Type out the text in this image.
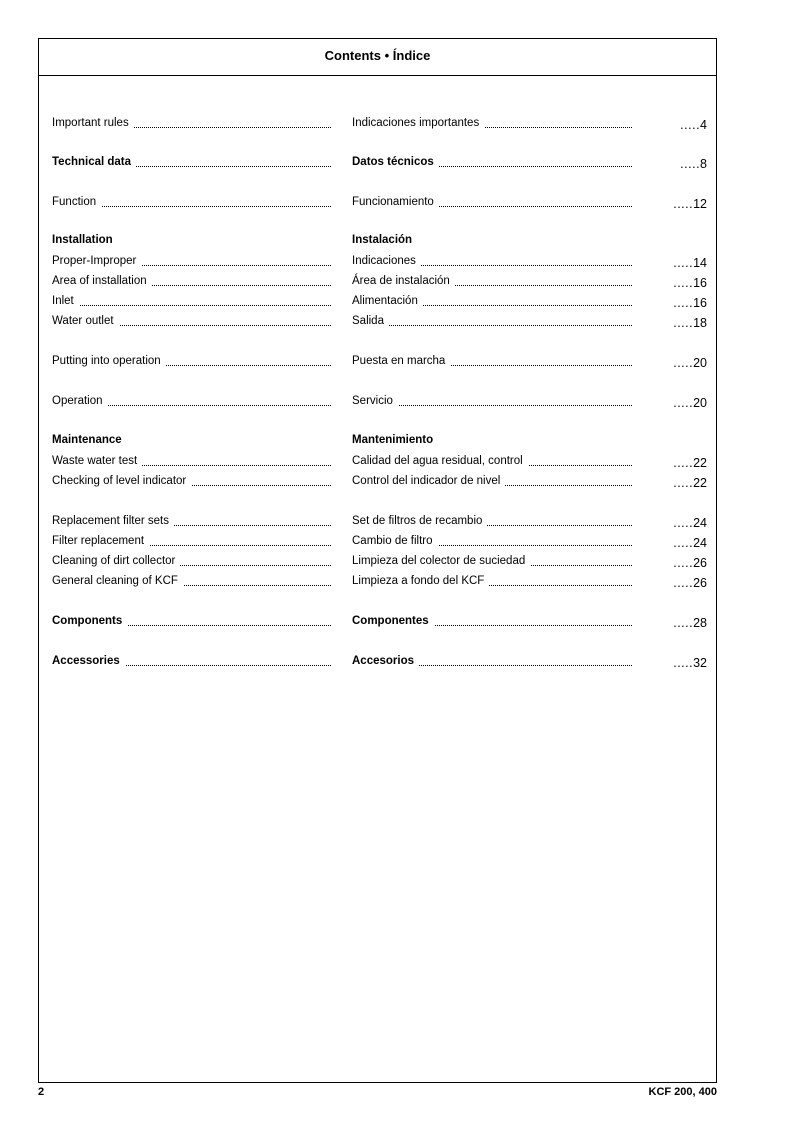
Contents • Índice
Important rules	Indicaciones importantes	.....4
Technical data	Datos técnicos	.....8
Function	Funcionamiento	.....12
Installation	Instalación
Proper-Improper	Indicaciones	.....14
Area of installation	Área de instalación	.....16
Inlet	Alimentación	.....16
Water outlet	Salida	.....18
Putting into operation	Puesta en marcha	.....20
Operation	Servicio	.....20
Maintenance	Mantenimiento
Waste water test	Calidad del agua residual, control	.....22
Checking of level indicator	Control del indicador de nivel	.....22
Replacement filter sets	Set de filtros de recambio	.....24
Filter replacement	Cambio de filtro	.....24
Cleaning of dirt collector	Limpieza del colector de suciedad	.....26
General cleaning of KCF	Limpieza a fondo del KCF	.....26
Components	Componentes	.....28
Accessories	Accesorios	.....32
2	KCF 200, 400
